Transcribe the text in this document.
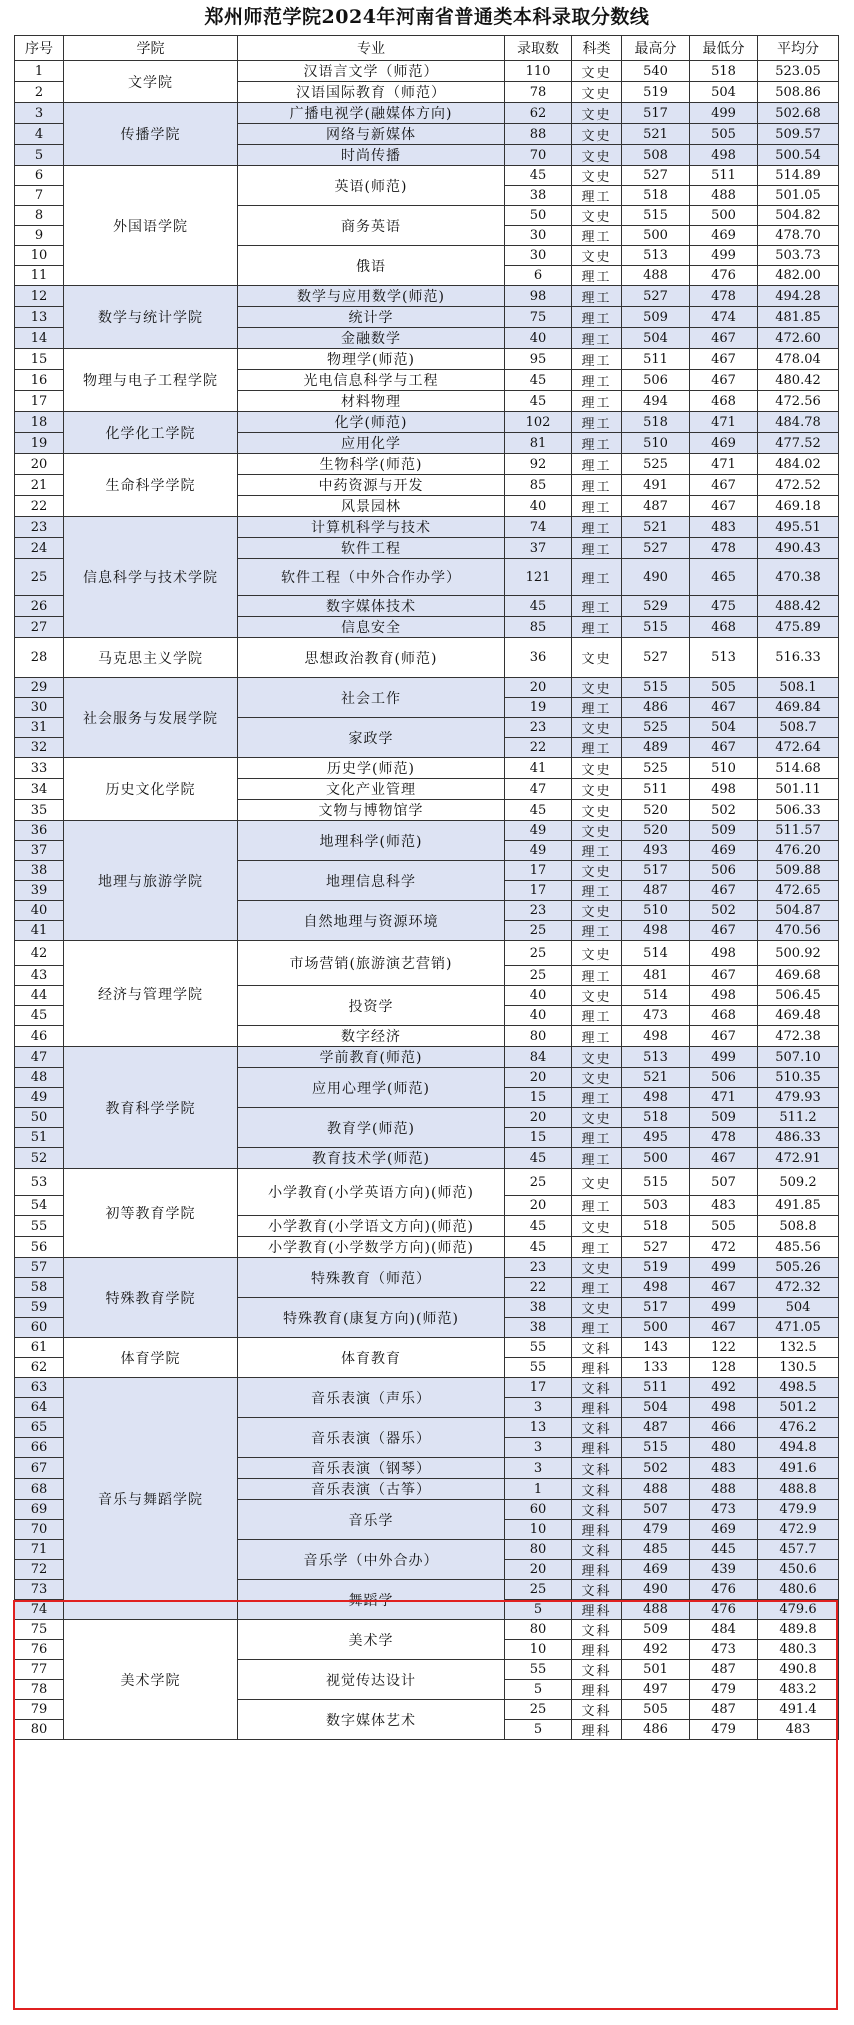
郑州师范学院2024年河南省普通类本科录取分数线
序号	学院	专业	录取数	科类	最高分	最低分	平均分
1	文学院	汉语言文学（师范）	110	文史	540	518	523.05
2		汉语国际教育（师范）	78	文史	519	504	508.86
3	传播学院	广播电视学(融媒体方向)	62	文史	517	499	502.68
4		网络与新媒体	88	文史	521	505	509.57
5		时尚传播	70	文史	508	498	500.54
6	外国语学院	英语(师范)	45	文史	527	511	514.89
7			38	理工	518	488	501.05
8		商务英语	50	文史	515	500	504.82
9			30	理工	500	469	478.70
10		俄语	30	文史	513	499	503.73
11			6	理工	488	476	482.00
12	数学与统计学院	数学与应用数学(师范)	98	理工	527	478	494.28
13		统计学	75	理工	509	474	481.85
14		金融数学	40	理工	504	467	472.60
15	物理与电子工程学院	物理学(师范)	95	理工	511	467	478.04
16		光电信息科学与工程	45	理工	506	467	480.42
17		材料物理	45	理工	494	468	472.56
18	化学化工学院	化学(师范)	102	理工	518	471	484.78
19		应用化学	81	理工	510	469	477.52
20	生命科学学院	生物科学(师范)	92	理工	525	471	484.02
21		中药资源与开发	85	理工	491	467	472.52
22		风景园林	40	理工	487	467	469.18
23	信息科学与技术学院	计算机科学与技术	74	理工	521	483	495.51
24		软件工程	37	理工	527	478	490.43
25		软件工程（中外合作办学）	121	理工	490	465	470.38
26		数字媒体技术	45	理工	529	475	488.42
27		信息安全	85	理工	515	468	475.89
28	马克思主义学院	思想政治教育(师范)	36	文史	527	513	516.33
29	社会服务与发展学院	社会工作	20	文史	515	505	508.1
30			19	理工	486	467	469.84
31		家政学	23	文史	525	504	508.7
32			22	理工	489	467	472.64
33	历史文化学院	历史学(师范)	41	文史	525	510	514.68
34		文化产业管理	47	文史	511	498	501.11
35		文物与博物馆学	45	文史	520	502	506.33
36	地理与旅游学院	地理科学(师范)	49	文史	520	509	511.57
37			49	理工	493	469	476.20
38		地理信息科学	17	文史	517	506	509.88
39			17	理工	487	467	472.65
40		自然地理与资源环境	23	文史	510	502	504.87
41			25	理工	498	467	470.56
42	经济与管理学院	市场营销(旅游演艺营销)	25	文史	514	498	500.92
43			25	理工	481	467	469.68
44		投资学	40	文史	514	498	506.45
45			40	理工	473	468	469.48
46		数字经济	80	理工	498	467	472.38
47	教育科学学院	学前教育(师范)	84	文史	513	499	507.10
48		应用心理学(师范)	20	文史	521	506	510.35
49			15	理工	498	471	479.93
50		教育学(师范)	20	文史	518	509	511.2
51			15	理工	495	478	486.33
52		教育技术学(师范)	45	理工	500	467	472.91
53	初等教育学院	小学教育(小学英语方向)(师范)	25	文史	515	507	509.2
54			20	理工	503	483	491.85
55		小学教育(小学语文方向)(师范)	45	文史	518	505	508.8
56		小学教育(小学数学方向)(师范)	45	理工	527	472	485.56
57	特殊教育学院	特殊教育（师范）	23	文史	519	499	505.26
58			22	理工	498	467	472.32
59		特殊教育(康复方向)(师范)	38	文史	517	499	504
60			38	理工	500	467	471.05
61	体育学院	体育教育	55	文科	143	122	132.5
62			55	理科	133	128	130.5
63	音乐与舞蹈学院	音乐表演（声乐）	17	文科	511	492	498.5
64			3	理科	504	498	501.2
65		音乐表演（器乐）	13	文科	487	466	476.2
66			3	理科	515	480	494.8
67		音乐表演（钢琴）	3	文科	502	483	491.6
68		音乐表演（古筝）	1	文科	488	488	488.8
69		音乐学	60	文科	507	473	479.9
70			10	理科	479	469	472.9
71		音乐学（中外合办）	80	文科	485	445	457.7
72			20	理科	469	439	450.6
73		舞蹈学	25	文科	490	476	480.6
74			5	理科	488	476	479.6
75	美术学院	美术学	80	文科	509	484	489.8
76			10	理科	492	473	480.3
77		视觉传达设计	55	文科	501	487	490.8
78			5	理科	497	479	483.2
79		数字媒体艺术	25	文科	505	487	491.4
80			5	理科	486	479	483
